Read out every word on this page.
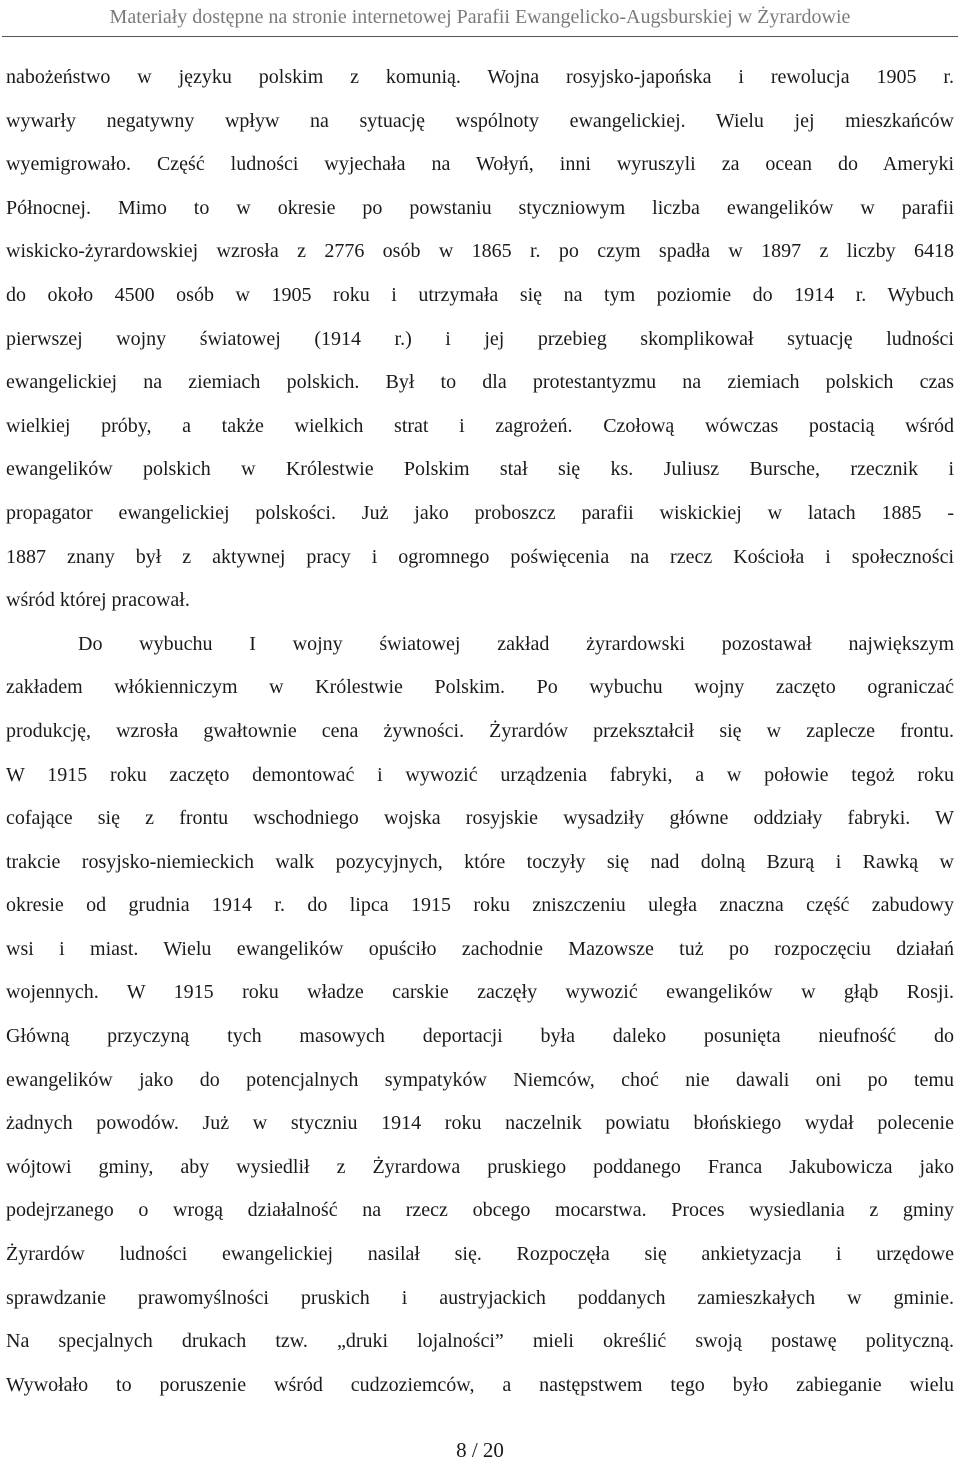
Materiały dostępne na stronie internetowej Parafii Ewangelicko-Augsburskiej w Żyrardowie
nabożeństwo w języku polskim z komunią. Wojna rosyjsko-japońska i rewolucja 1905 r.
wywarły negatywny wpływ na sytuację wspólnoty ewangelickiej. Wielu jej mieszkańców
wyemigrowało. Część ludności wyjechała na Wołyń, inni wyruszyli za ocean do Ameryki
Północnej. Mimo to w okresie po powstaniu styczniowym liczba ewangelików w parafii
wiskicko-żyrardowskiej wzrosła z 2776 osób w 1865 r. po czym spadła w 1897 z liczby 6418
do około 4500 osób w 1905 roku i utrzymała się na tym poziomie do 1914 r. Wybuch
pierwszej wojny światowej (1914 r.) i jej przebieg skomplikował sytuację ludności
ewangelickiej na ziemiach polskich. Był to dla protestantyzmu na ziemiach polskich czas
wielkiej próby, a także wielkich strat i zagrożeń. Czołową wówczas postacią wśród
ewangelików polskich w Królestwie Polskim stał się ks. Juliusz Bursche, rzecznik i
propagator ewangelickiej polskości. Już jako proboszcz parafii wiskickiej w latach 1885 -
1887 znany był z aktywnej pracy i ogromnego poświęcenia na rzecz Kościoła i społeczności
wśród której pracował.
Do wybuchu I wojny światowej zakład żyrardowski pozostawał największym
zakładem włókienniczym w Królestwie Polskim. Po wybuchu wojny zaczęto ograniczać
produkcję, wzrosła gwałtownie cena żywności. Żyrardów przekształcił się w zaplecze frontu.
W 1915 roku zaczęto demontować i wywozić urządzenia fabryki, a w połowie tegoż roku
cofające się z frontu wschodniego wojska rosyjskie wysadziły główne oddziały fabryki. W
trakcie rosyjsko-niemieckich walk pozycyjnych, które toczyły się nad dolną Bzurą i Rawką w
okresie od grudnia 1914 r. do lipca 1915 roku zniszczeniu uległa znaczna część zabudowy
wsi i miast. Wielu ewangelików opuściło zachodnie Mazowsze tuż po rozpoczęciu działań
wojennych. W 1915 roku władze carskie zaczęły wywozić ewangelików w głąb Rosji.
Główną przyczyną tych masowych deportacji była daleko posunięta nieufność do
ewangelików jako do potencjalnych sympatyków Niemców, choć nie dawali oni po temu
żadnych powodów. Już w styczniu 1914 roku naczelnik powiatu błońskiego wydał polecenie
wójtowi gminy, aby wysiedlił z Żyrardowa pruskiego poddanego Franca Jakubowicza jako
podejrzanego o wrogą działalność na rzecz obcego mocarstwa. Proces wysiedlania z gminy
Żyrardów ludności ewangelickiej nasilał się. Rozpoczęła się ankietyzacja i urzędowe
sprawdzanie prawomyślności pruskich i austryjackich poddanych zamieszkałych w gminie.
Na specjalnych drukach tzw. „druki lojalności” mieli określić swoją postawę polityczną.
Wywołało to poruszenie wśród cudzoziemców, a następstwem tego było zabieganie wielu
8 / 20
